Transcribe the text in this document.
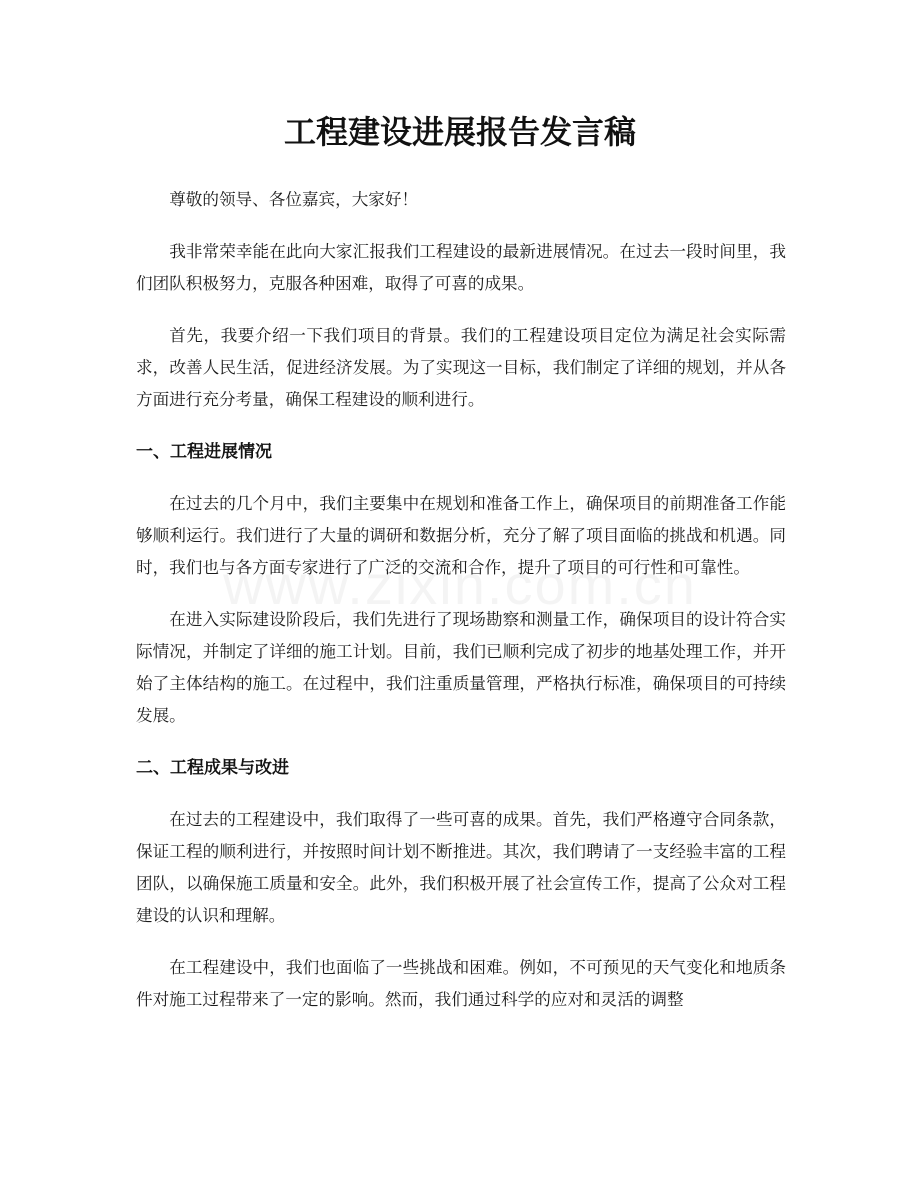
工程建设进展报告发言稿

尊敬的领导、各位嘉宾，大家好！

我非常荣幸能在此向大家汇报我们工程建设的最新进展情况。在过去一段时间里，我们团队积极努力，克服各种困难，取得了可喜的成果。

首先，我要介绍一下我们项目的背景。我们的工程建设项目定位为满足社会实际需求，改善人民生活，促进经济发展。为了实现这一目标，我们制定了详细的规划，并从各方面进行充分考量，确保工程建设的顺利进行。

一、工程进展情况

在过去的几个月中，我们主要集中在规划和准备工作上，确保项目的前期准备工作能够顺利运行。我们进行了大量的调研和数据分析，充分了解了项目面临的挑战和机遇。同时，我们也与各方面专家进行了广泛的交流和合作，提升了项目的可行性和可靠性。

在进入实际建设阶段后，我们先进行了现场勘察和测量工作，确保项目的设计符合实际情况，并制定了详细的施工计划。目前，我们已顺利完成了初步的地基处理工作，并开始了主体结构的施工。在过程中，我们注重质量管理，严格执行标准，确保项目的可持续发展。

二、工程成果与改进

在过去的工程建设中，我们取得了一些可喜的成果。首先，我们严格遵守合同条款，保证工程的顺利进行，并按照时间计划不断推进。其次，我们聘请了一支经验丰富的工程团队，以确保施工质量和安全。此外，我们积极开展了社会宣传工作，提高了公众对工程建设的认识和理解。

在工程建设中，我们也面临了一些挑战和困难。例如，不可预见的天气变化和地质条件对施工过程带来了一定的影响。然而，我们通过科学的应对和灵活的调整
